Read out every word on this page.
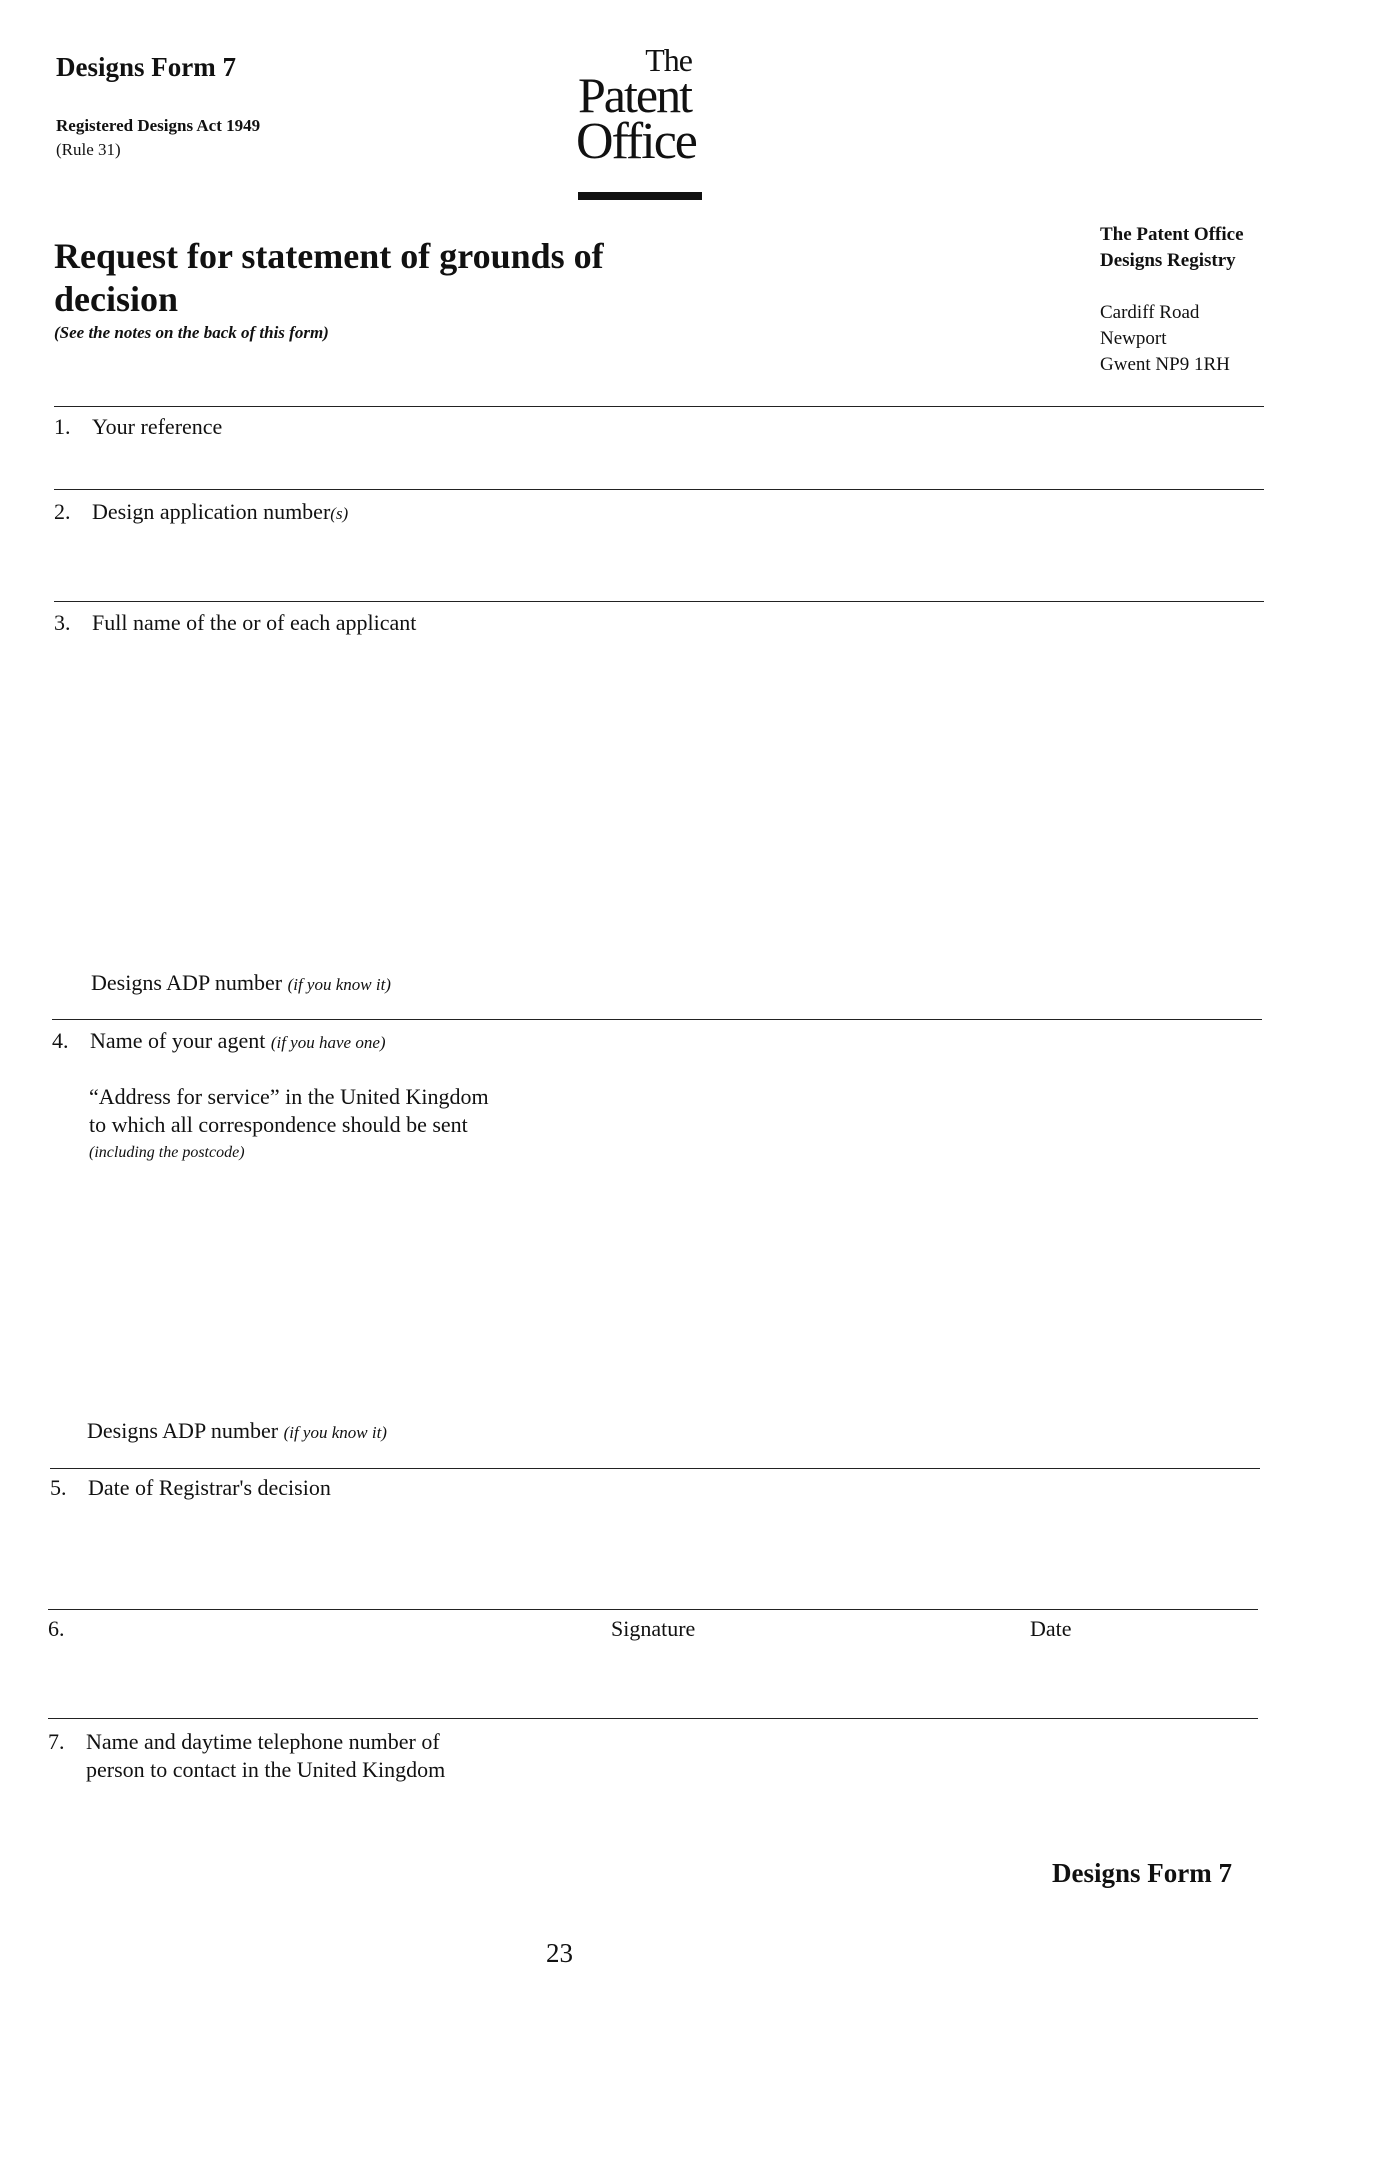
Designs Form 7
Registered Designs Act 1949
(Rule 31)
The
Patent
Office
Request for statement of grounds of decision
(See the notes on the back of this form)
The Patent Office
Designs Registry
Cardiff Road
Newport
Gwent NP9 1RH
1. Your reference
2. Design application number(s)
3. Full name of the or of each applicant
Designs ADP number (if you know it)
4. Name of your agent (if you have one)
“Address for service” in the United Kingdom
to which all correspondence should be sent
(including the postcode)
Designs ADP number (if you know it)
5. Date of Registrar's decision
6.	Signature	Date
7. Name and daytime telephone number of
person to contact in the United Kingdom
Designs Form 7
23
